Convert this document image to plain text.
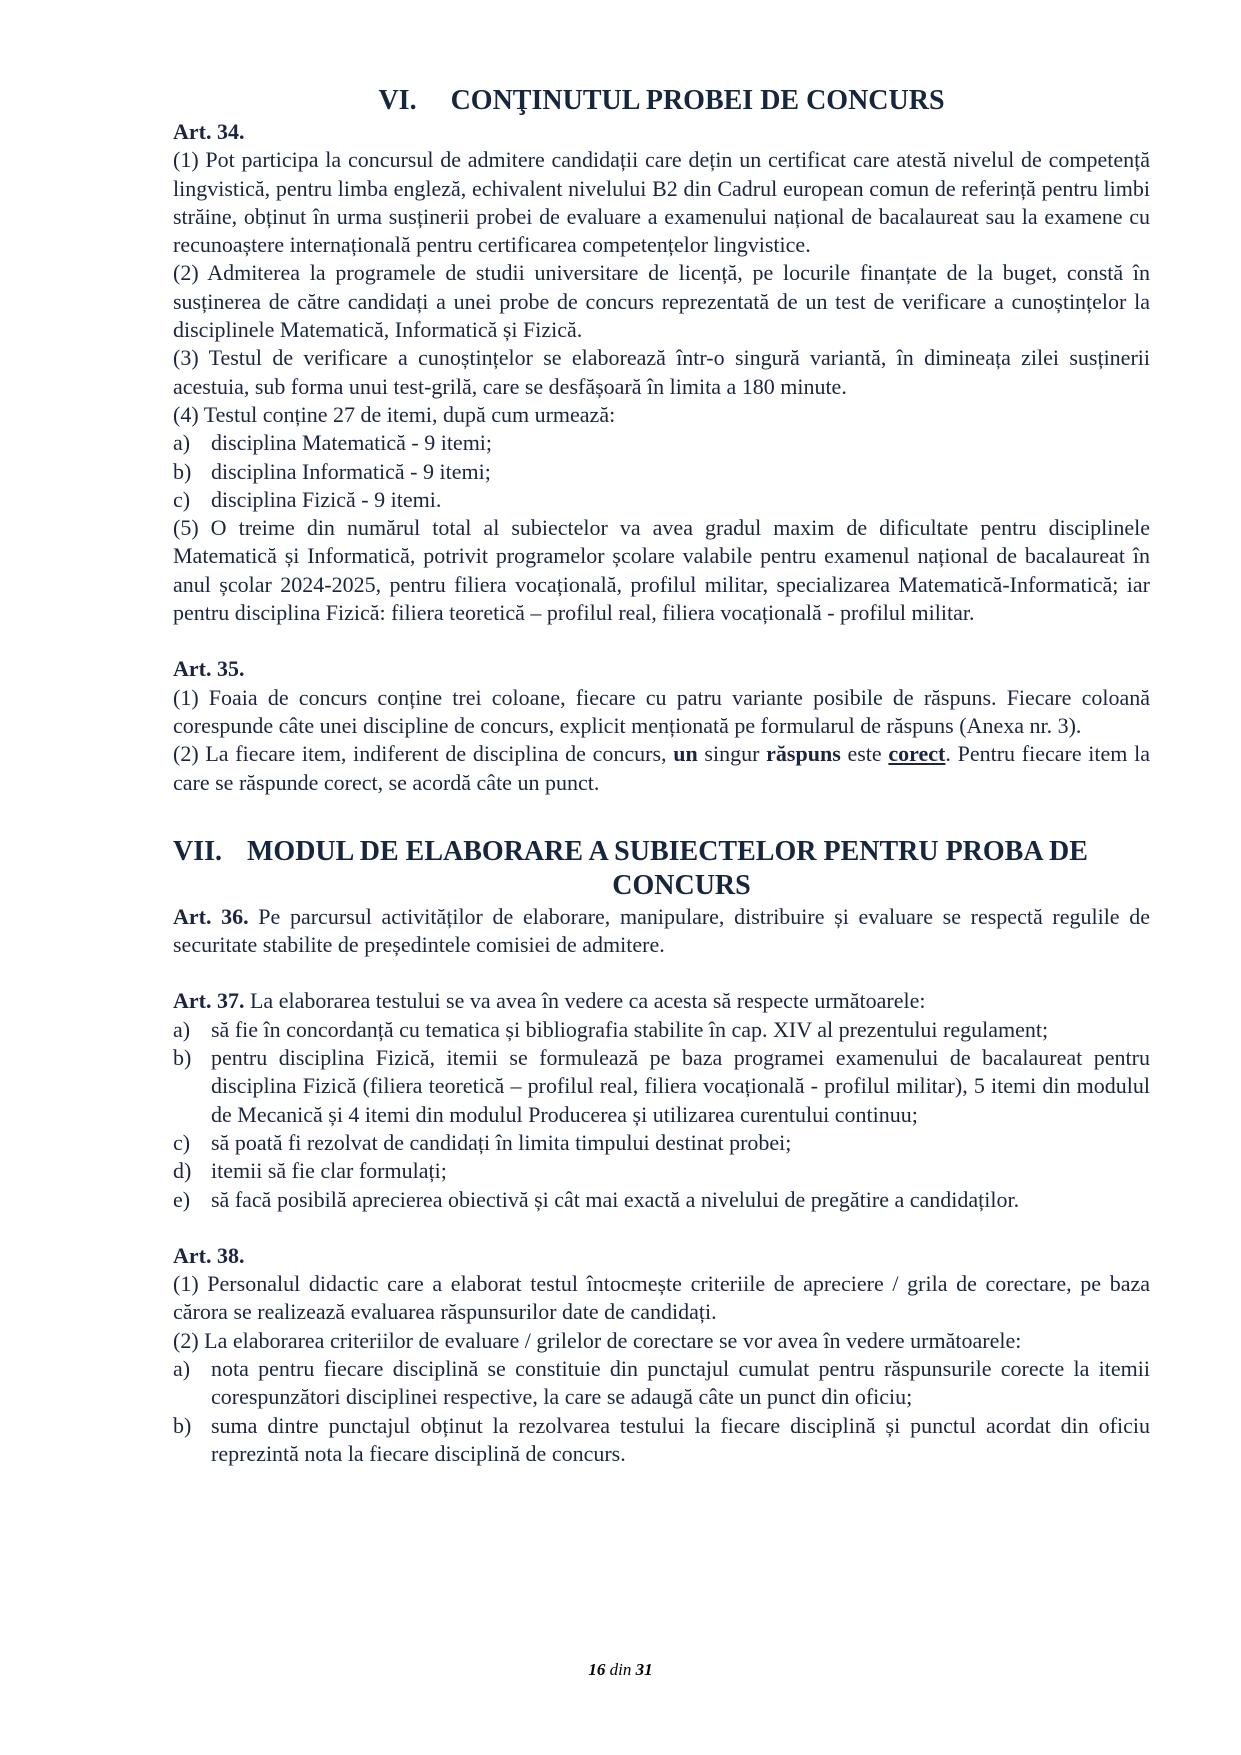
VI. CONŢINUTUL PROBEI DE CONCURS

Art. 34.

(1) Pot participa la concursul de admitere candidații care dețin un certificat care atestă nivelul de competență lingvistică, pentru limba engleză, echivalent nivelului B2 din Cadrul european comun de referință pentru limbi străine, obținut în urma susținerii probei de evaluare a examenului național de bacalaureat sau la examene cu recunoaștere internațională pentru certificarea competențelor lingvistice.

(2) Admiterea la programele de studii universitare de licență, pe locurile finanțate de la buget, constă în susținerea de către candidați a unei probe de concurs reprezentată de un test de verificare a cunoștințelor la disciplinele Matematică, Informatică și Fizică.

(3) Testul de verificare a cunoștințelor se elaborează într-o singură variantă, în dimineața zilei susținerii acestuia, sub forma unui test-grilă, care se desfășoară în limita a 180 minute.

(4) Testul conține 27 de itemi, după cum urmează:

a) disciplina Matematică - 9 itemi;
b) disciplina Informatică - 9 itemi;
c) disciplina Fizică - 9 itemi.

(5) O treime din numărul total al subiectelor va avea gradul maxim de dificultate pentru disciplinele Matematică și Informatică, potrivit programelor școlare valabile pentru examenul național de bacalaureat în anul școlar 2024-2025, pentru filiera vocațională, profilul militar, specializarea Matematică-Informatică; iar pentru disciplina Fizică: filiera teoretică – profilul real, filiera vocațională - profilul militar.

Art. 35.

(1) Foaia de concurs conține trei coloane, fiecare cu patru variante posibile de răspuns. Fiecare coloană corespunde câte unei discipline de concurs, explicit menționată pe formularul de răspuns (Anexa nr. 3).

(2) La fiecare item, indiferent de disciplina de concurs, un singur răspuns este corect. Pentru fiecare item la care se răspunde corect, se acordă câte un punct.

VII. MODUL DE ELABORARE A SUBIECTELOR PENTRU PROBA DE
CONCURS

Art. 36. Pe parcursul activităților de elaborare, manipulare, distribuire și evaluare se respectă regulile de securitate stabilite de președintele comisiei de admitere.

Art. 37. La elaborarea testului se va avea în vedere ca acesta să respecte următoarele:

a) să fie în concordanță cu tematica și bibliografia stabilite în cap. XIV al prezentului regulament;
b) pentru disciplina Fizică, itemii se formulează pe baza programei examenului de bacalaureat pentru disciplina Fizică (filiera teoretică – profilul real, filiera vocațională - profilul militar), 5 itemi din modulul de Mecanică și 4 itemi din modulul Producerea și utilizarea curentului continuu;
c) să poată fi rezolvat de candidați în limita timpului destinat probei;
d) itemii să fie clar formulați;
e) să facă posibilă aprecierea obiectivă și cât mai exactă a nivelului de pregătire a candidaților.

Art. 38.

(1) Personalul didactic care a elaborat testul întocmește criteriile de apreciere / grila de corectare, pe baza cărora se realizează evaluarea răspunsurilor date de candidați.

(2) La elaborarea criteriilor de evaluare / grilelor de corectare se vor avea în vedere următoarele:

a) nota pentru fiecare disciplină se constituie din punctajul cumulat pentru răspunsurile corecte la itemii corespunzători disciplinei respective, la care se adaugă câte un punct din oficiu;
b) suma dintre punctajul obținut la rezolvarea testului la fiecare disciplină și punctul acordat din oficiu reprezintă nota la fiecare disciplină de concurs.
16 din 31
